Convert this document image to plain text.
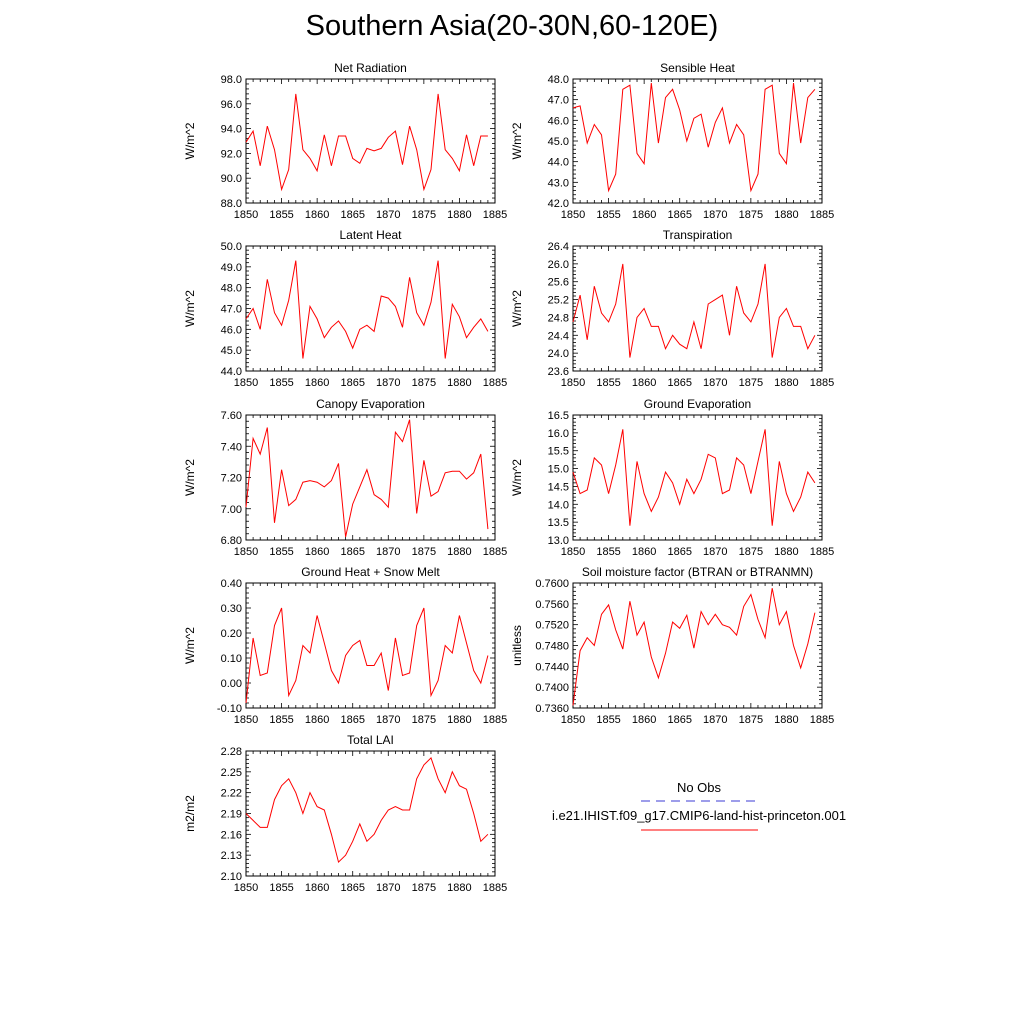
Southern Asia(20-30N,60-120E)
No Obs
i.e21.IHIST.f09_g17.CMIP6-land-hist-princeton.001
Net Radiation
W/m^2
1850 1855 1860 1865 1870 1875 1880 1885
88.0
90.0
92.0
94.0
96.0
98.0
Sensible Heat
W/m^2
1850 1855 1860 1865 1870 1875 1880 1885
42.0
43.0
44.0
45.0
46.0
47.0
48.0
Latent Heat
W/m^2
1850 1855 1860 1865 1870 1875 1880 1885
44.0
45.0
46.0
47.0
48.0
49.0
50.0
Transpiration
W/m^2
1850 1855 1860 1865 1870 1875 1880 1885
23.6
24.0
24.4
24.8
25.2
25.6
26.0
26.4
Canopy Evaporation
W/m^2
1850 1855 1860 1865 1870 1875 1880 1885
6.80
7.00
7.20
7.40
7.60
Ground Evaporation
W/m^2
1850 1855 1860 1865 1870 1875 1880 1885
13.0
13.5
14.0
14.5
15.0
15.5
16.0
16.5
Ground Heat + Snow Melt
W/m^2
1850 1855 1860 1865 1870 1875 1880 1885
-0.10
0.00
0.10
0.20
0.30
0.40
Soil moisture factor (BTRAN or BTRANMN)
unitless
1850 1855 1860 1865 1870 1875 1880 1885
0.7360
0.7400
0.7440
0.7480
0.7520
0.7560
0.7600
Total LAI
m2/m2
1850 1855 1860 1865 1870 1875 1880 1885
2.10
2.13
2.16
2.19
2.22
2.25
2.28
